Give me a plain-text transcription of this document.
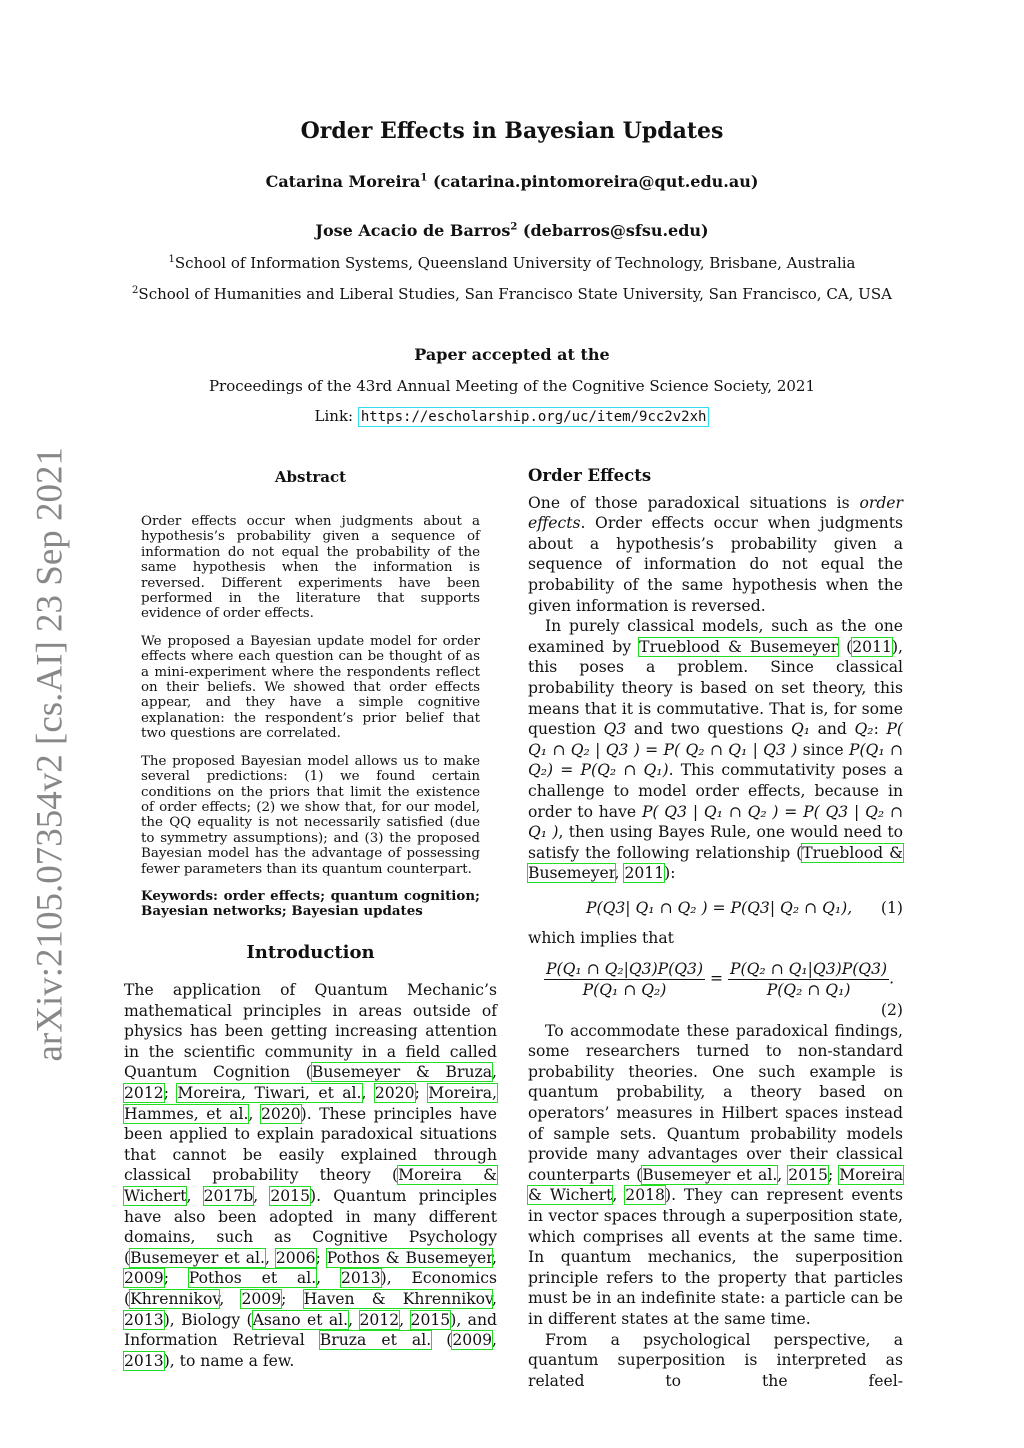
Order Effects in Bayesian Updates
Catarina Moreira$^1$ (catarina.pintomoreira@qut.edu.au)
Jose Acacio de Barros$^2$ (debarros@sfsu.edu)
$^1$School of Information Systems, Queensland University of Technology, Brisbane, Australia
$^2$School of Humanities and Liberal Studies, San Francisco State University, San Francisco, CA, USA
Paper accepted at the
Proceedings of the 43rd Annual Meeting of the Cognitive Science Society, 2021
Link: https://escholarship.org/uc/item/9cc2v2xh
arXiv:2105.07354v2 [cs.AI] 23 Sep 2021	Abstract

Order effects occur when judgments about a hypothesis’s probability given a sequence of information do not equal the probability of the same hypothesis when the information is reversed. Different experiments have been performed in the literature that supports evidence of order effects.

We proposed a Bayesian update model for order effects where each question can be thought of as a mini-experiment where the respondents reflect on their beliefs. We showed that order effects appear, and they have a simple cognitive explanation: the respondent’s prior belief that two questions are correlated.

The proposed Bayesian model allows us to make several predictions: (1) we found certain conditions on the priors that limit the existence of order effects; (2) we show that, for our model, the QQ equality is not necessarily satisfied (due to symmetry assumptions); and (3) the proposed Bayesian model has the advantage of possessing fewer parameters than its quantum counterpart.

Keywords: order effects; quantum cognition; Bayesian networks; Bayesian updates

Introduction

The application of Quantum Mechanic’s mathematical principles in areas outside of physics has been getting increasing attention in the scientific community in a field called Quantum Cognition (Busemeyer & Bruza, 2012; Moreira, Tiwari, et al., 2020; Moreira, Hammes, et al., 2020). These principles have been applied to explain paradoxical situations that cannot be easily explained through classical probability theory (Moreira & Wichert, 2017b, 2015). Quantum principles have also been adopted in many different domains, such as Cognitive Psychology (Busemeyer et al., 2006; Pothos & Busemeyer, 2009; Pothos et al., 2013), Economics (Khrennikov, 2009; Haven & Khrennikov, 2013), Biology (Asano et al., 2012, 2015), and Information Retrieval Bruza et al. (2009, 2013), to name a few.

Order Effects

One of those paradoxical situations is order effects. Order effects occur when judgments about a hypothesis’s probability given a sequence of information do not equal the probability of the same hypothesis when the given information is reversed.

In purely classical models, such as the one examined by Trueblood & Busemeyer (2011), this poses a problem. Since classical probability theory is based on set theory, this means that it is commutative. That is, for some question Q3 and two questions Q₁ and Q₂: P( Q₁ ∩ Q₂ | Q3 ) = P( Q₂ ∩ Q₁ | Q3 ) since P(Q₁ ∩ Q₂) = P(Q₂ ∩ Q₁). This commutativity poses a challenge to model order effects, because in order to have P( Q3 | Q₁ ∩ Q₂ ) = P( Q3 | Q₂ ∩ Q₁ ), then using Bayes Rule, one would need to satisfy the following relationship (Trueblood & Busemeyer, 2011):

P(Q3| Q₁ ∩ Q₂ ) = P(Q3| Q₂ ∩ Q₁), (1)

which implies that

$\frac{\text{P(Q₁ ∩ Q₂|Q3)P(Q3)}}{\text{P(Q₁ ∩ Q₂)}} = \frac{\text{P(Q₂ ∩ Q₁|Q3)P(Q3)}}{\text{P(Q₂ ∩ Q₁)}}$ .
(2)

To accommodate these paradoxical findings, some researchers turned to non-standard probability theories. One such example is quantum probability, a theory based on operators’ measures in Hilbert spaces instead of sample sets. Quantum probability models provide many advantages over their classical counterparts (Busemeyer et al., 2015; Moreira & Wichert, 2018). They can represent events in vector spaces through a superposition state, which comprises all events at the same time. In quantum mechanics, the superposition principle refers to the property that particles must be in an indefinite state: a particle can be in different states at the same time.

From a psychological perspective, a quantum superposition is interpreted as related to the feel-
